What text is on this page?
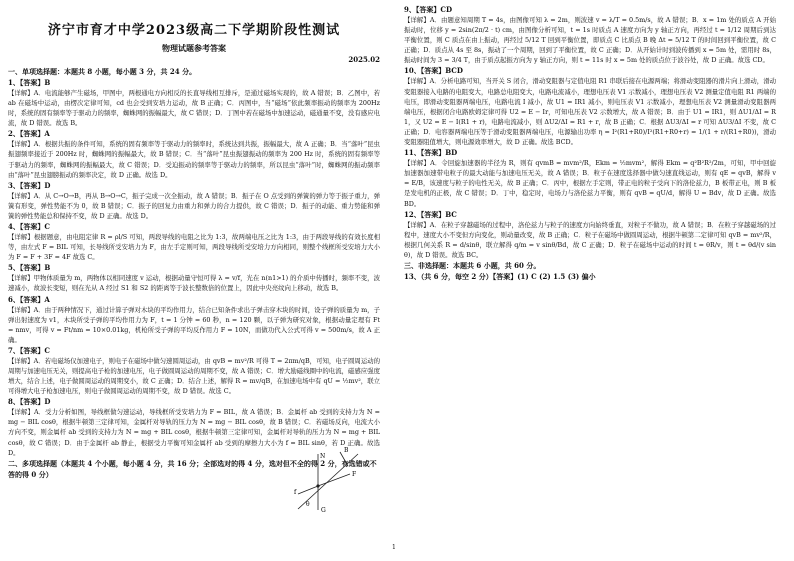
济宁市育才中学2023级高二下学期阶段性测试
物理试题参考答案
2025.02
一、单项选择题：本题共 8 小题，每小题 3 分，共 24 分。
1、【答案】B
【详解】A．电流能够产生磁场，甲图中，两根通电方向相反的长直导线相互排斥，是通过磁场实现的，故 A 错误；B．乙图中，若 ab 在磁场中运动，由楞次定律可知，cd 也会受到安培力运动，故 B 正确；C．丙图中，当“磁场”依此频率振动的频率为 200Hz 时，系统的固有频率等于驱动力的频率，蜘蛛网的振幅最大，故 C 错误；D．丁图中若在磁场中加速运动，磁通量不变，没有感应电流，故 D 错误。故选 B。
2、【答案】A
【详解】A．根据共振的条件可知，系统的固有频率等于驱动力的频率时，系统达到共振，振幅最大，故 A 正确；B．当“落叶”昆虫振翅频率接近于 200Hz 时，蜘蛛网的振幅最大，故 B 错误；C．当“落叶”昆虫振翅振动的频率为 200 Hz 时，系统的固有频率等于驱动力的频率，蜘蛛网的振幅最大，故 C 错误；D．受迫振动的频率等于驱动力的频率，所以昆虫“落叶”时，蜘蛛网的振动频率由“落叶”昆虫翅膀振动的频率决定，故 D 正确。故选 D。
3、【答案】D
【详解】A．从 C→O→B，再从 B→O→C，振子完成一次全振动，故 A 错误；B．振子在 O 点受到的弹簧的弹力等于振子重力，弹簧有形变，弹性势能不为 0，故 B 错误；C．振子的回复力由重力和弹力的合力提供，故 C 错误；D．振子的动能、重力势能和弹簧的弹性势能总和保持不变，故 D 正确。故选 D。
4、【答案】C
【详解】根据题意，由电阻定律 R = ρl/S 可知，两段导线的电阻之比为 1:3，故两端电压之比为 1:3，由于两段导线的有效长度相等，由左式 F = BIL 可知，长导线所受安培力为 F，由左手定则可知，两段导线所受安培力方向相同，则整个线框所受安培力大小为 F = F + 3F = 4F 故选 C。
5、【答案】B
【详解】甲物体质量为 m，两物体以相同速度 v 运动，根据动量守恒可得 λ = v/f，光在 n(n1>1) 的介质中传播时，频率不变，波速减小，故波长变短，则在光从 A 经过 S1 和 S2 的距离等于波长整数倍的位置上，因此中央亮纹向上移动，故选 B。
6、【答案】A
【详解】A．由于两种情况下，通过计算子弹对木块的平均作用力，结合已知条件求出子弹击穿木块的时间，设子弹的质量为 m，子弹出射速度为 v1，木块所受子弹的平均作用力为 F，t = 1 分钟 = 60 秒，n = 120 颗，以子弹为研究对象，根据动量定理有 Ft = nmv，可得 v = Ft/nm = 10×0.01kg，机枪所受子弹的平均反作用力 F = 10N，而做功代入公式可得 v = 500m/s，故 A 正确。
7、【答案】C
【详解】A．若电磁场仅加速电子，则电子在磁场中做匀速圆周运动，由 qvB = mv²/R 可得 T = 2πm/qB，可知，电子圆周运动的周期与加速电压无关，则提高电子枪的加速电压，电子做圆周运动的周期不变，故 A 错误；C．增大励磁线圈中的电流，磁感应强度增大，结合上述，电子做圆周运动的周期变小，故 C 正确；D．结合上述，解得 R = mv/qB，在加速电场中有 qU = ½mv²，联立可得增大电子枪加速电压，则电子做圆周运动的周期不变，故 D 错误。故选 C。
8、【答案】D
【详解】A．受力分析如图，导线框做匀速运动，导线框所受安培力为 F = BIL，故 A 错误；B．金属杆 ab 受到的支持力为 N = mg − BIL cosθ，根据牛顿第三定律可知，金属杆对导轨的压力为 N = mg − BIL cosθ，故 B 错误；C．若磁场反向，电流大小方向不变，则金属杆 ab 受到的支持力为 N = mg + BIL cosθ，根据牛顿第三定律可知，金属杆对导轨的压力为 N = mg + BIL cosθ，故 C 错误；D．由于金属杆 ab 静止，根据受力平衡可知金属杆 ab 受到的摩擦力大小为 f = BIL sinθ，若 D 正确。故选 D。
二、多项选择题（本题共 4 个小题，每小题 4 分，共 16 分；全部选对的得 4 分，选对但不全的得 2 分，有选错或不答的得 0 分）
9、【答案】CD
【详解】A．由题意知周期 T = 4s，由图像可知 λ = 2m，则波速 v = λ/T = 0.5m/s，故 A 错误；B．x = 1m 处的质点 A 开始振动时，位移 y = 2sin(2π/2 · t) cm，由图像分析可知，t = 1s 时质点 A 速度方向为 y 轴正方向，再经过 t = 1/12 周期后到达平衡位置，则 C 质点在由上振动，再经过 5/12 T 回到平衡位置，即质点 C 比质点 B 晚 Δt = 5/12 T 的时间回到平衡位置，故 C 正确；D．质点从 4s 至 8s，振动了一个周期，回到了平衡位置，故 C 正确；D．从开始计时到波传播到 x = 5m 处，需用时 8s，振动时间为 3 = 3/4 T，由于质点起振方向为 y 轴正方向，则 t = 11s 时 x = 5m 处的质点位于波谷处，故 D 正确。故选 CD。
10、【答案】BCD
【详解】A．分析电路可知，当开关 S 闭合，滑动变阻器与定值电阻 R1 串联后接在电源两端；将滑动变阻器的滑片向上滑动，滑动变阻器接入电路的电阻变大，电路总电阻变大，电路电流减小，理想电压表 V1 示数减小，理想电压表 V2 测量定值电阻 R1 两端的电压，即滑动变阻器两端电压，电路电流 I 减小，故 U1 = IR1 减小，则电压表 V1 示数减小，理想电压表 V2 测量滑动变阻器两端电压，根据闭合电路欧姆定律可得 U2 = E − Ir，可知电压表 V2 示数增大，故 A 错误；B．由于 U1 = IR1，则 ΔU1/ΔI = R1，又 U2 = E − I(R1 + r)，电路电流减小，则 ΔU2/ΔI = R1 + r，故 B 正确；C．根据 ΔU3/ΔI = r 可知 ΔU3/ΔI 不变，故 C 正确；D．电容器两端电压等于滑动变阻器两端电压，电源输出功率 η = I²(R1+R0)/I²(R1+R0+r) = 1/(1 + r/(R1+R0))，滑动变阻器阻值增大，则电源效率增大，故 D 正确。故选 BCD。
11、【答案】BD
【详解】A．令回旋加速器的半径为 R，则有 qvmB = mvm²/R，Ekm = ½mvm²，解得 Ekm = q²B²R²/2m，可知，甲中回旋加速器加速带电粒子的最大动能与加速电压无关，故 A 错误；B．粒子在速度选择器中做匀速直线运动，则有 qE = qvB，解得 v = E/B，该速度与粒子的电性无关，故 B 正确；C．丙中，根据左手定则，带正电的粒子受向下的洛伦兹力，B 板带正电，则 B 板是发电机的正极，故 C 错误；D．丁中，稳定时，电场力与洛伦兹力平衡，则有 qvB = qU/d，解得 U = Bdv，故 D 正确。故选 BD。
12、【答案】BC
【详解】A．在粒子穿越磁场的过程中，洛伦兹力与粒子的速度方向始终垂直，对粒子不做功，故 A 错误；B．在粒子穿越磁场的过程中，速度大小不变但方向变化，则动量改变，故 B 正确；C．粒子在磁场中做圆周运动，根据牛顿第二定律可知 qvB = mv²/R，根据几何关系 R = d/sinθ，联立解得 q/m = v sinθ/Bd，故 C 正确；D．粒子在磁场中运动的时间 t = θR/v，则 t = θd/(v sinθ)，故 D 错误。故选 BC。
三、非选择题：本题共 6 小题，共 60 分。
13、（共 6 分，每空 2 分）【答案】(1) C (2) 1.5 (3) 偏小
N
F
B
f
G
θ
1
